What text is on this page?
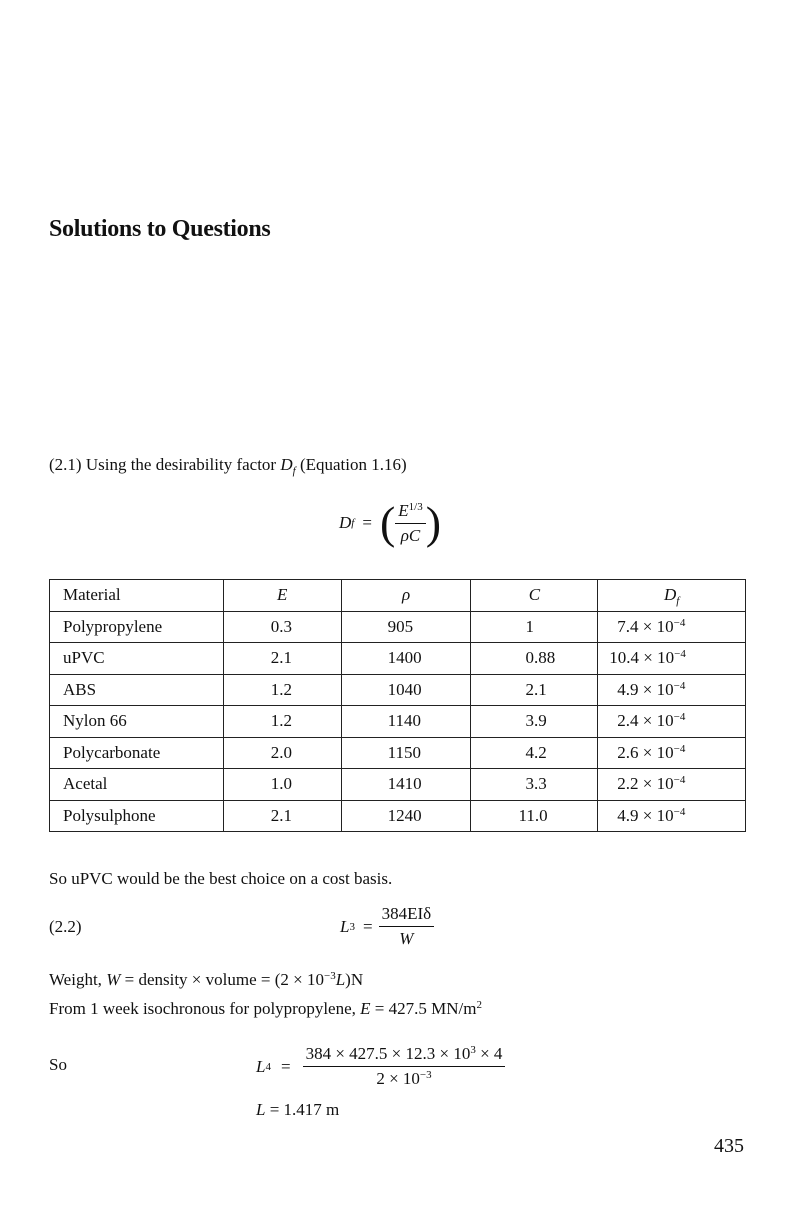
Solutions to Questions
(2.1) Using the desirability factor $D_f$ (Equation 1.16)
D f = ( $\frac{E^{1/3}}{\rho C}$ )
Material	E	ρ	C	$D_f$
Polypropylene	0.3	905	1	$7.4 \times 10^{-4}$
uPVC	2.1	1400	0.88	$10.4 \times 10^{-4}$
ABS	1.2	1040	2.1	$4.9 \times 10^{-4}$
Nylon 66	1.2	1140	3.9	$2.4 \times 10^{-4}$
Polycarbonate	2.0	1150	4.2	$2.6 \times 10^{-4}$
Acetal	1.0	1410	3.3	$2.2 \times 10^{-4}$
Polysulphone	2.1	1240	11.0	$4.9 \times 10^{-4}$
So uPVC would be the best choice on a cost basis.
(2.2)	L $3 = \frac{\text{384EIδ}}{W}$
Weight, W = density × volume = $(2 \times 10^{-3}L)N$
From 1 week isochronous for polypropylene, E = 427.5 $MN/m^2$
So	L $4 = \frac{384 \times 427.5 \times 12.3 \times 10^3 \times 4}{2 \times 10^{-3}}$
L = 1.417 m
435
